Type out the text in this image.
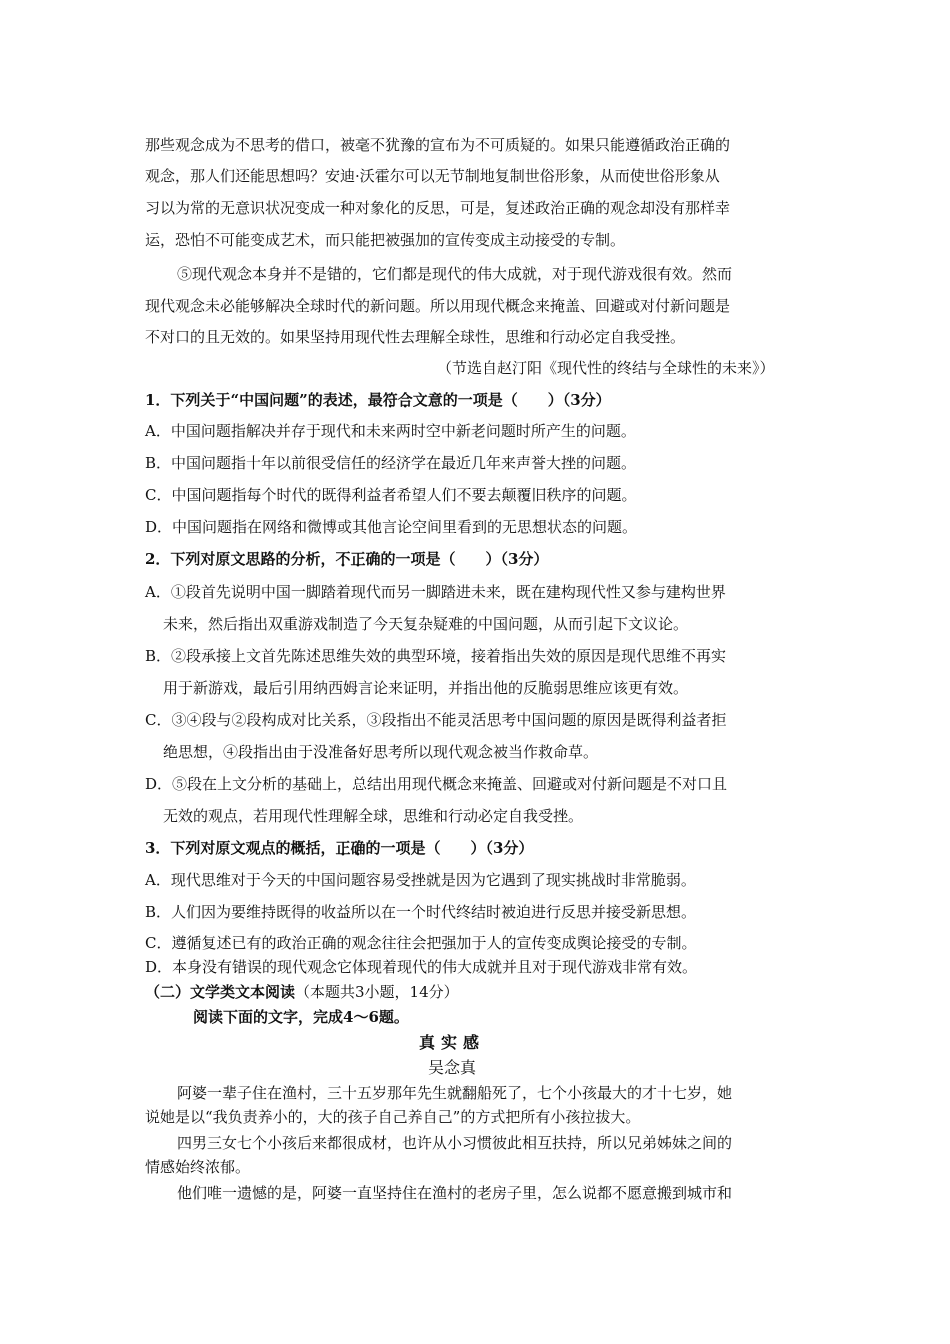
那些观念成为不思考的借口，被毫不犹豫的宣布为不可质疑的。如果只能遵循政治正确的
观念，那人们还能思想吗？安迪·沃霍尔可以无节制地复制世俗形象，从而使世俗形象从
习以为常的无意识状况变成一种对象化的反思，可是，复述政治正确的观念却没有那样幸
运，恐怕不可能变成艺术，而只能把被强加的宣传变成主动接受的专制。
⑤现代观念本身并不是错的，它们都是现代的伟大成就，对于现代游戏很有效。然而
现代观念未必能够解决全球时代的新问题。所以用现代概念来掩盖、回避或对付新问题是
不对口的且无效的。如果坚持用现代性去理解全球性，思维和行动必定自我受挫。
（节选自赵汀阳《现代性的终结与全球性的未来》）
1．下列关于“中国问题”的表述，最符合文意的一项是（　　）（3分）
A．中国问题指解决并存于现代和未来两时空中新老问题时所产生的问题。
B．中国问题指十年以前很受信任的经济学在最近几年来声誉大挫的问题。
C．中国问题指每个时代的既得利益者希望人们不要去颠覆旧秩序的问题。
D．中国问题指在网络和微博或其他言论空间里看到的无思想状态的问题。
2．下列对原文思路的分析，不正确的一项是（　　）（3分）
A．①段首先说明中国一脚踏着现代而另一脚踏进未来，既在建构现代性又参与建构世界
未来，然后指出双重游戏制造了今天复杂疑难的中国问题，从而引起下文议论。
B．②段承接上文首先陈述思维失效的典型环境，接着指出失效的原因是现代思维不再实
用于新游戏，最后引用纳西姆言论来证明，并指出他的反脆弱思维应该更有效。
C．③④段与②段构成对比关系，③段指出不能灵活思考中国问题的原因是既得利益者拒
绝思想，④段指出由于没准备好思考所以现代观念被当作救命草。
D．⑤段在上文分析的基础上，总结出用现代概念来掩盖、回避或对付新问题是不对口且
无效的观点，若用现代性理解全球，思维和行动必定自我受挫。
3．下列对原文观点的概括，正确的一项是（　　）（3分）
A．现代思维对于今天的中国问题容易受挫就是因为它遇到了现实挑战时非常脆弱。
B．人们因为要维持既得的收益所以在一个时代终结时被迫进行反思并接受新思想。
C．遵循复述已有的政治正确的观念往往会把强加于人的宣传变成舆论接受的专制。
D．本身没有错误的现代观念它体现着现代的伟大成就并且对于现代游戏非常有效。
（二）文学类文本阅读（本题共3小题，14分）
阅读下面的文字，完成4～6题。
真实感
吴念真
阿婆一辈子住在渔村，三十五岁那年先生就翻船死了，七个小孩最大的才十七岁，她
说她是以“我负责养小的，大的孩子自己养自己”的方式把所有小孩拉拔大。
四男三女七个小孩后来都很成材，也许从小习惯彼此相互扶持，所以兄弟姊妹之间的
情感始终浓郁。
他们唯一遗憾的是，阿婆一直坚持住在渔村的老房子里，怎么说都不愿意搬到城市和
